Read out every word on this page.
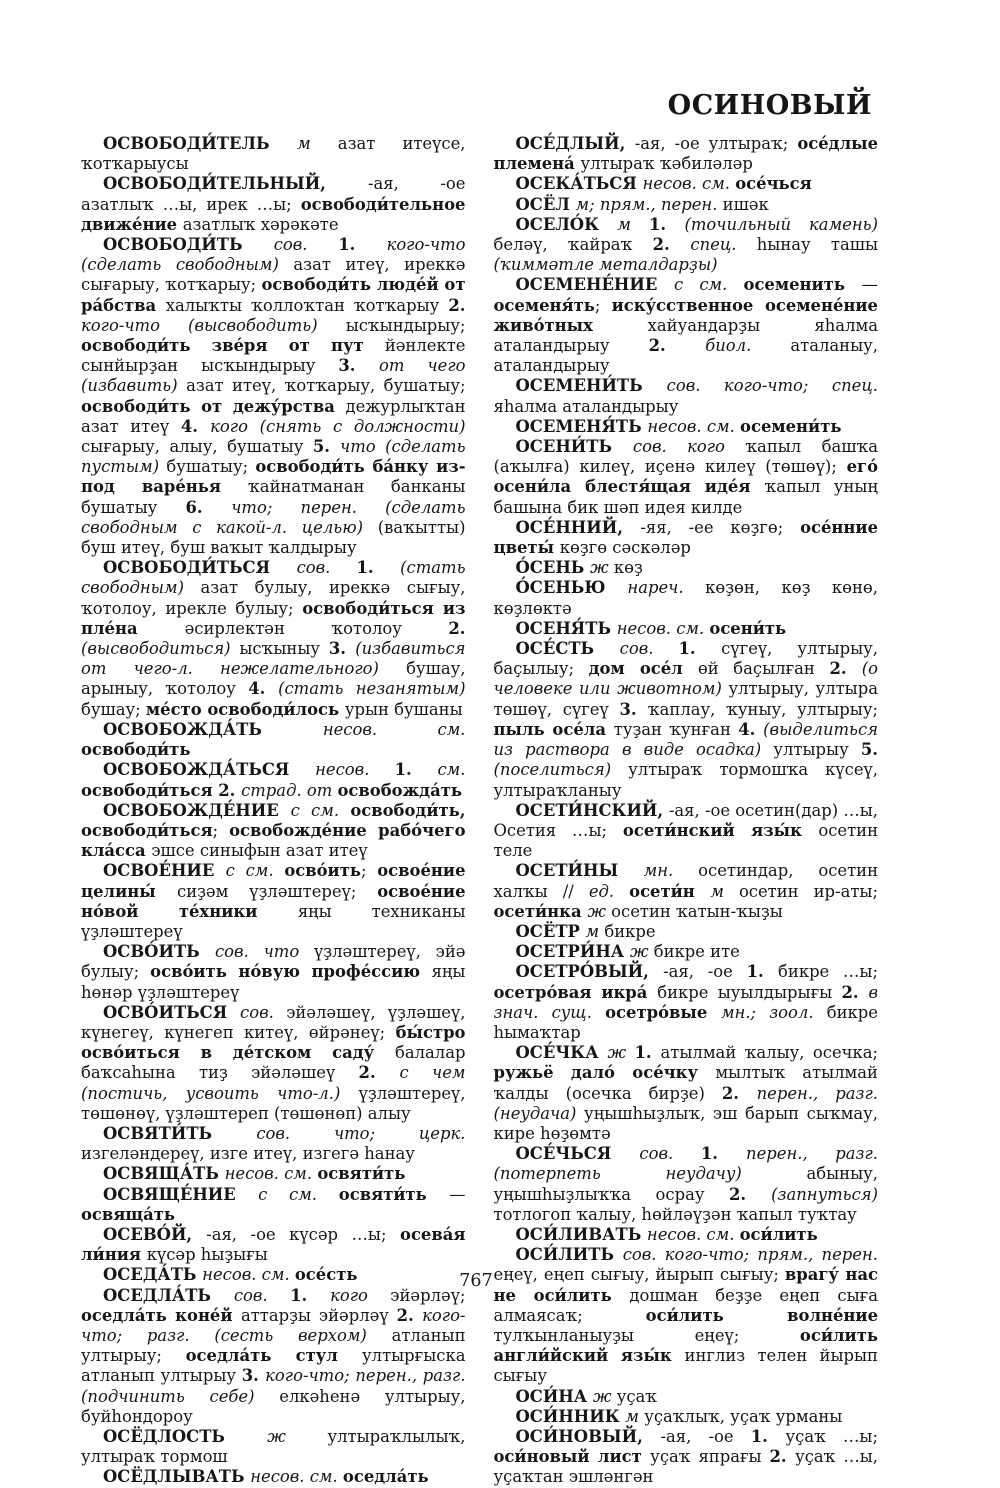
ОСИНОВЫЙ

ОСВОБОДИ́ТЕЛЬ м азат итеүсе, ҡотҡарыусы

ОСВОБОДИ́ТЕЛЬНЫЙ, -ая, -ое азатлыҡ …ы, ирек …ы; освободи́тельное движе́ние азатлыҡ хәрәкәте

ОСВОБОДИ́ТЬ сов. 1. кого-что (сделать свободным) азат итеү, иреккә сығарыу, ҡотҡарыу; освободи́ть люде́й от ра́бства халыҡты ҡоллоҡтан ҡотҡарыу 2. кого-что (высвободить) ысҡындырыу; освободи́ть зве́ря от пут йәнлекте сынйырҙан ысҡындырыу 3. от чего (избавить) азат итеү, ҡотҡарыу, бушатыу; освободи́ть от дежу́рства дежурлыҡтан азат итеү 4. кого (снять с должности) сығарыу, алыу, бушатыу 5. что (сделать пустым) бушатыу; освободи́ть ба́нку из-под варе́нья ҡайнатманан банканы бушатыу 6. что; перен. (сделать свободным с какой-л. целью) (ваҡытты) буш итеү, буш ваҡыт ҡалдырыу

ОСВОБОДИ́ТЬСЯ сов. 1. (стать свободным) азат булыу, иреккә сығыу, ҡотолоу, ирекле булыу; освободи́ться из пле́на әсирлектән ҡотолоу 2. (высвободиться) ысҡыныу 3. (избавиться от чего-л. нежелательного) бушау, арыныу, ҡотолоу 4. (стать незанятым) бушау; ме́сто освободи́лось урын бушаны

ОСВОБОЖДА́ТЬ несов. см. освободи́ть

ОСВОБОЖДА́ТЬСЯ несов. 1. см. освободи́ться 2. страд. от освобожда́ть

ОСВОБОЖДЕ́НИЕ с см. освободи́ть, освободи́ться; освобожде́ние рабо́чего кла́сса эшсе синыфын азат итеү

ОСВОЕ́НИЕ с см. осво́ить; освое́ние целины́ сиҙәм үҙләштереү; освое́ние но́вой те́хники яңы техниканы үҙләштереү

ОСВО́ИТЬ сов. что үҙләштереү, эйә булыу; осво́ить но́вую профе́ссию яңы һөнәр үҙләштереү

ОСВО́ИТЬСЯ сов. эйәләшеү, үҙләшеү, күнегеү, күнегеп китеү, өйрәнеү; бы́стро осво́иться в де́тском саду́ балалар баҡсаһына тиҙ эйәләшеү 2. с чем (постичь, усвоить что-л.) үҙләштереү, төшөнөү, үҙләштереп (төшөнөп) алыу

ОСВЯТИ́ТЬ сов. что; церк. изгеләндереү, изге итеү, изгегә һанау

ОСВЯЩА́ТЬ несов. см. освяти́ть

ОСВЯЩЕ́НИЕ с см. освяти́ть — освяща́ть

ОСЕВО́Й, -ая, -ое күсәр …ы; осева́я ли́ния күсәр һыҙығы

ОСЕДА́ТЬ несов. см. осе́сть

ОСЕДЛА́ТЬ сов. 1. кого эйәрләү; оседла́ть коне́й аттарҙы эйәрләү 2. кого-что; разг. (сесть верхом) атланып ултырыу; оседла́ть стул ултырғыска атланып ултырыу 3. кого-что; перен., разг. (подчинить себе) елкәһенә ултырыу, буйһондороу

ОСЁДЛОСТЬ ж ултыраҡлылыҡ, ултыраҡ тормош

ОСЁДЛЫВАТЬ несов. см. оседла́ть

ОСЕ́ДЛЫЙ, -ая, -ое ултыраҡ; осе́длые племена́ ултыраҡ ҡәбиләләр

ОСЕКА́ТЬСЯ несов. см. осе́чься

ОСЁЛ м; прям., перен. ишәк

ОСЕЛО́К м 1. (точильный камень) беләү, ҡайраҡ 2. спец. һынау ташы (ҡиммәтле металдарҙы)

ОСЕМЕНЕ́НИЕ с см. осеменить — осеменя́ть; иску́сственное осемене́ние живо́тных хайуандарҙы яһалма аталандырыу 2. биол. аталаныу, аталандырыу

ОСЕМЕНИ́ТЬ сов. кого-что; спец. яһалма аталандырыу

ОСЕМЕНЯ́ТЬ несов. см. осемени́ть

ОСЕНИ́ТЬ сов. кого ҡапыл башҡа (аҡылға) килеү, иҫенә килеү (төшөү); его́ осени́ла блестя́щая иде́я ҡапыл уның башына бик шәп идея килде

ОСЕ́ННИЙ, -яя, -ее көҙгө; осе́нние цветы́ көҙгө сәскәләр

О́СЕНЬ ж көҙ

О́СЕНЬЮ нареч. көҙөн, көҙ көнө, көҙлөктә

ОСЕНЯ́ТЬ несов. см. осени́ть

ОСЕ́СТЬ сов. 1. сүгеү, ултырыу, баҫылыу; дом осе́л өй баҫылған 2. (о человеке или животном) ултырыу, ултыра төшөү, сүгеү 3. ҡаплау, ҡуныу, ултырыу; пыль осе́ла туҙан ҡунған 4. (выделиться из раствора в виде осадка) ултырыу 5. (поселиться) ултыраҡ тормошҡа күсеү, ултыраҡланыу

ОСЕТИ́НСКИЙ, -ая, -ое осетин(дар) …ы, Осетия …ы; осети́нский язы́к осетин теле

ОСЕТИ́НЫ мн. осетиндар, осетин халҡы // ед. осети́н м осетин ир-аты; осети́нка ж осетин ҡатын-ҡыҙы

ОСЁТР м бикре

ОСЕТРИ́НА ж бикре ите

ОСЕТРО́ВЫЙ, -ая, -ое 1. бикре …ы; осетро́вая икра́ бикре ыуылдырығы 2. в знач. сущ. осетро́вые мн.; зоол. бикре һымаҡтар

ОСЕ́ЧКА ж 1. атылмай ҡалыу, осечка; ружьё дало́ осе́чку мылтыҡ атылмай ҡалды (осечка бирҙе) 2. перен., разг. (неудача) уңышһыҙлыҡ, эш барып сыҡмау, кире һөҙөмтә

ОСЕ́ЧЬСЯ сов. 1. перен., разг. (потерпеть неудачу) абыныу, уңышһыҙлыҡҡа осрау 2. (запнуться) тотлогоп ҡалыу, һөйләүҙән ҡапыл туҡтау

ОСИ́ЛИВАТЬ несов. см. оси́лить

ОСИ́ЛИТЬ сов. кого-что; прям., перен. еңеү, еңеп сығыу, йырып сығыу; врагу́ нас не оси́лить дошман беҙҙе еңеп сыға алмаясаҡ; оси́лить волне́ние тулҡынланыуҙы еңеү; оси́лить англи́йский язы́к инглиз телен йырып сығыу

ОСИ́НА ж уҫаҡ

ОСИ́ННИК м уҫаҡлыҡ, уҫаҡ урманы

ОСИ́НОВЫЙ, -ая, -ое 1. уҫаҡ …ы; оси́новый лист уҫаҡ япрағы 2. уҫаҡ …ы, уҫаҡтан эшләнгән

767
